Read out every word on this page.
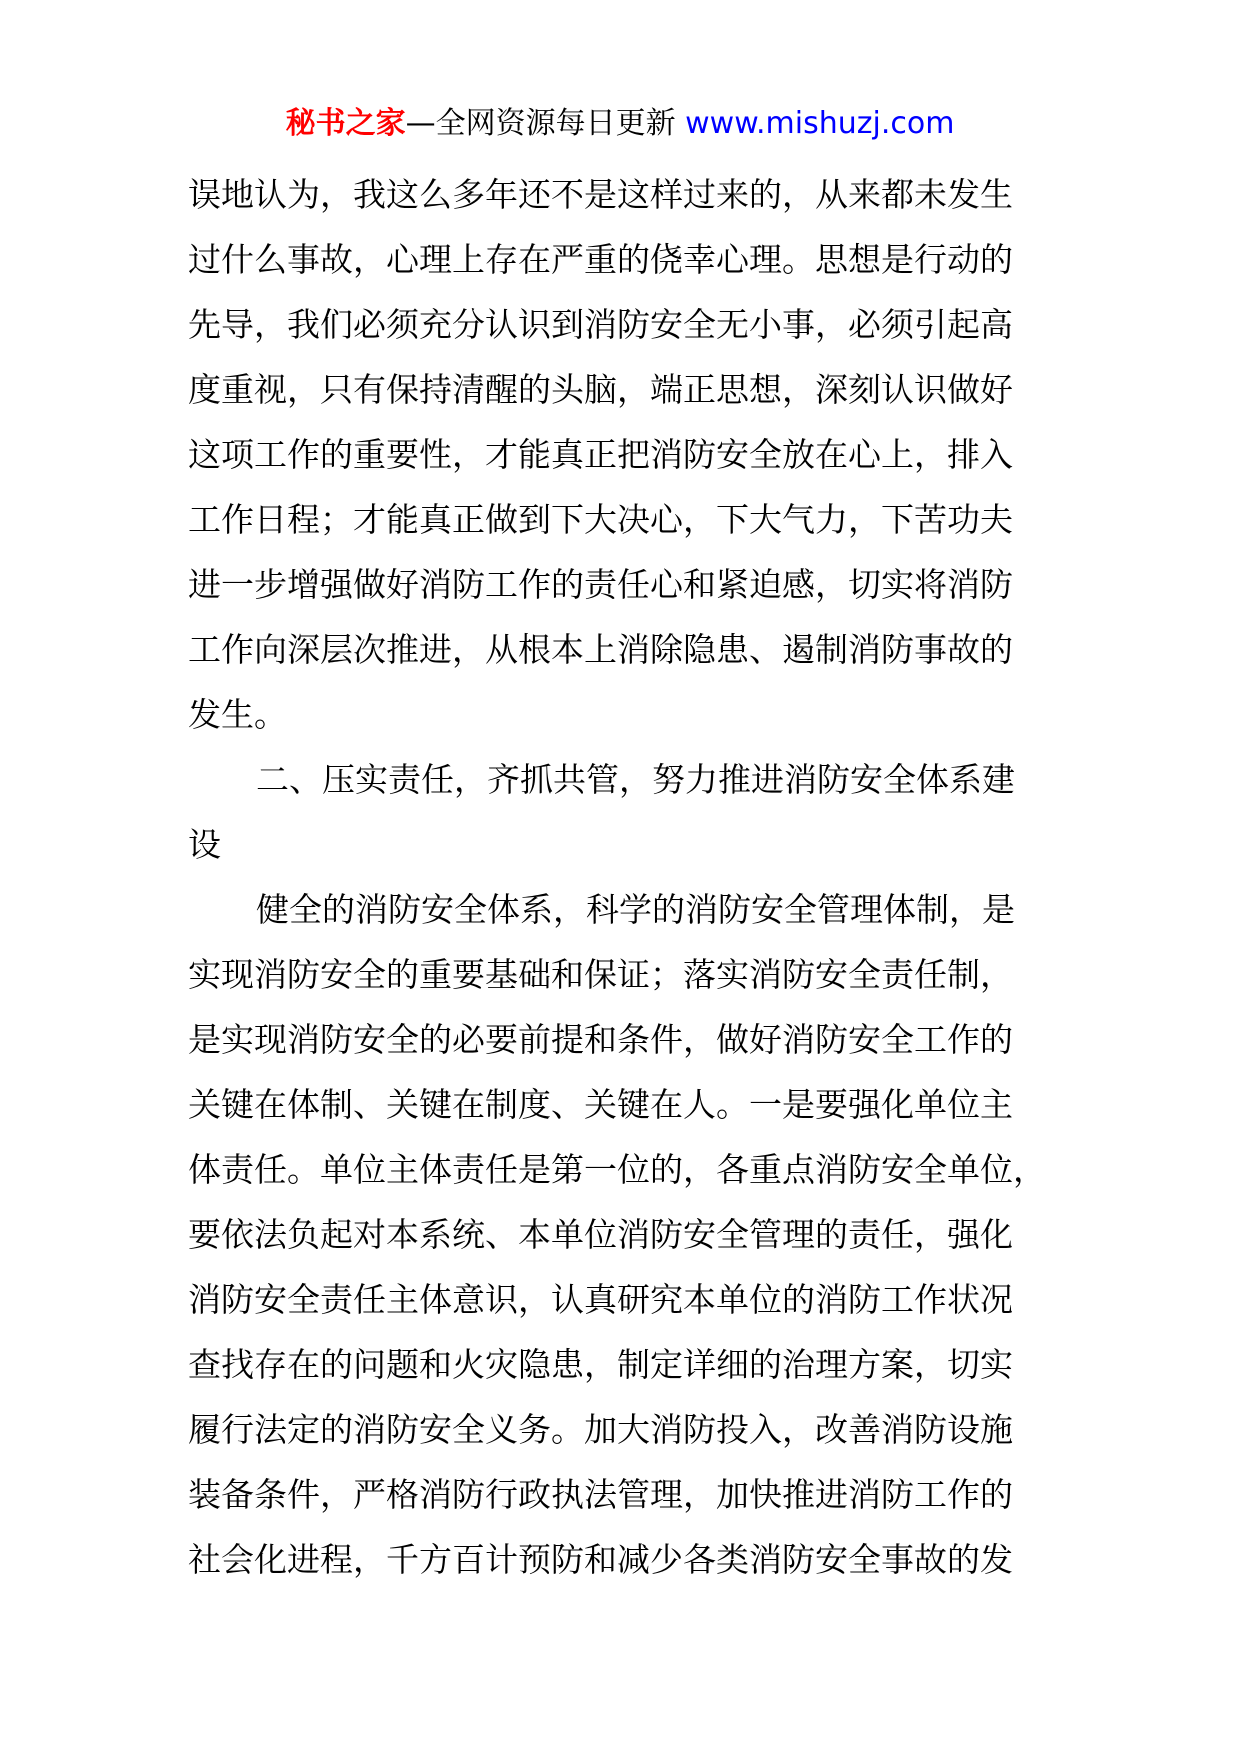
秘书之家—全网资源每日更新 www.mishuzj.com
误地认为，我这么多年还不是这样过来的，从来都未发生
过什么事故，心理上存在严重的侥幸心理。思想是行动的
先导，我们必须充分认识到消防安全无小事，必须引起高
度重视，只有保持清醒的头脑，端正思想，深刻认识做好
这项工作的重要性，才能真正把消防安全放在心上，排入
工作日程；才能真正做到下大决心，下大气力，下苦功夫
进一步增强做好消防工作的责任心和紧迫感，切实将消防
工作向深层次推进，从根本上消除隐患、遏制消防事故的
发生。
二、压实责任，齐抓共管，努力推进消防安全体系建
设
健全的消防安全体系，科学的消防安全管理体制，是
实现消防安全的重要基础和保证；落实消防安全责任制，
是实现消防安全的必要前提和条件，做好消防安全工作的
关键在体制、关键在制度、关键在人。一是要强化单位主
体责任。单位主体责任是第一位的，各重点消防安全单位，
要依法负起对本系统、本单位消防安全管理的责任，强化
消防安全责任主体意识，认真研究本单位的消防工作状况
查找存在的问题和火灾隐患，制定详细的治理方案，切实
履行法定的消防安全义务。加大消防投入，改善消防设施
装备条件，严格消防行政执法管理，加快推进消防工作的
社会化进程，千方百计预防和减少各类消防安全事故的发
